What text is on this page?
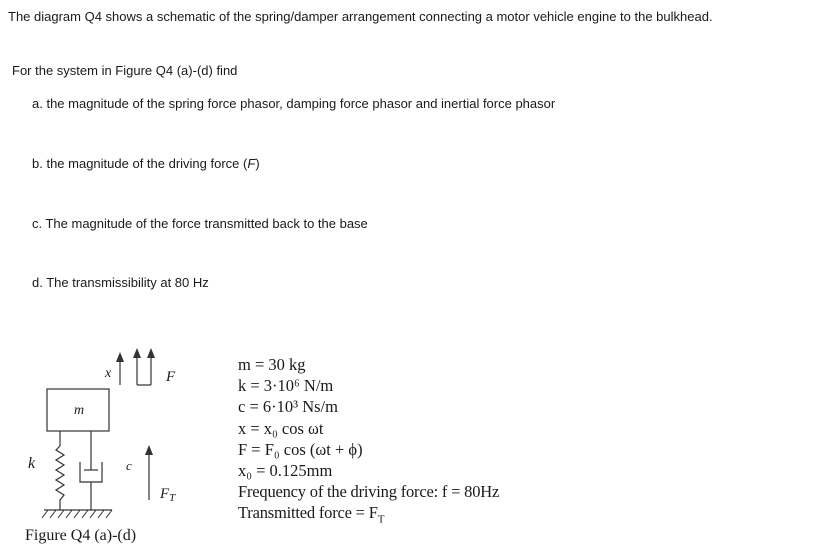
The diagram Q4 shows a schematic of the spring/damper arrangement connecting a motor vehicle engine to the bulkhead.
For the system in Figure Q4 (a)-(d) find
a. the magnitude of the spring force phasor, damping force phasor and inertial force phasor
b. the magnitude of the driving force (F)
c. The magnitude of the force transmitted back to the base
d. The transmissibility at 80 Hz
m
k	c
x	F
$F_T$
Figure Q4 (a)-(d)
m = 30 kg
k = 3·10⁶ N/m
c = 6·10³ Ns/m
x = x₀ cos ωt
F = F₀ cos (ωt + ϕ)
x₀ = 0.125mm
Frequency of the driving force: f = 80Hz
Transmitted force = $F_T$
